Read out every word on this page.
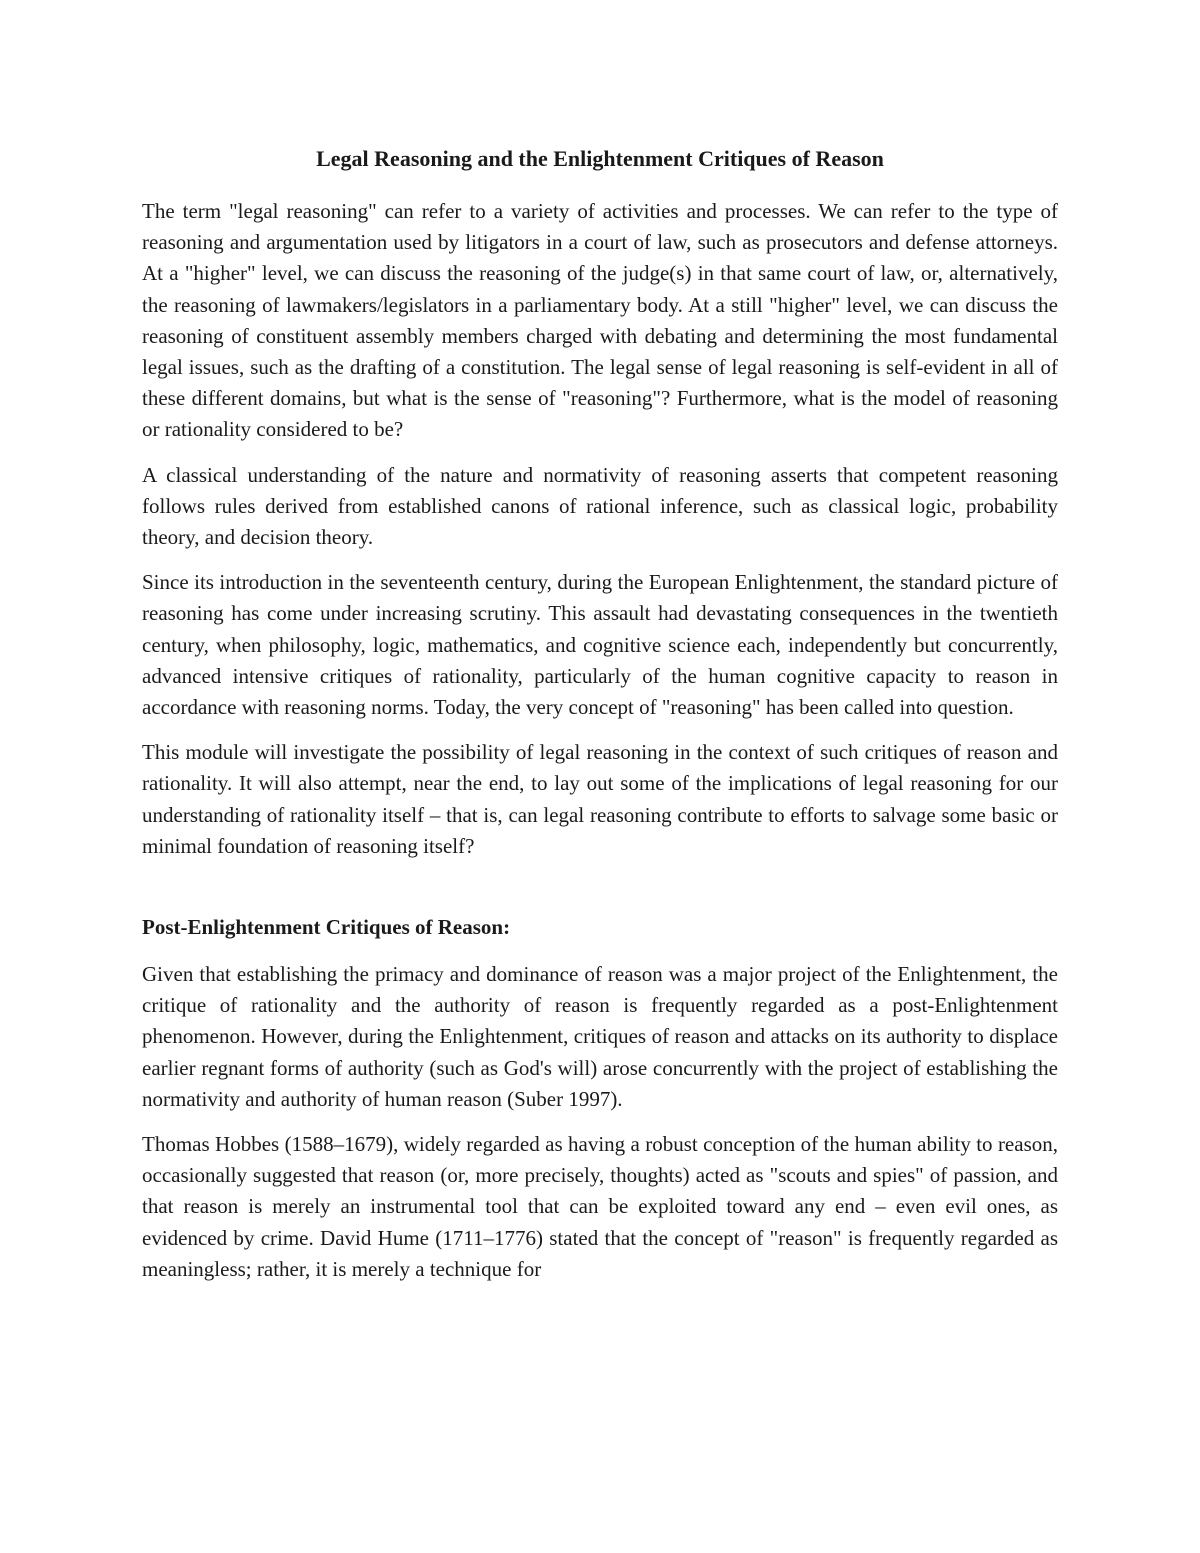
Legal Reasoning and the Enlightenment Critiques of Reason

The term "legal reasoning" can refer to a variety of activities and processes. We can refer to the type of reasoning and argumentation used by litigators in a court of law, such as prosecutors and defense attorneys. At a "higher" level, we can discuss the reasoning of the judge(s) in that same court of law, or, alternatively, the reasoning of lawmakers/legislators in a parliamentary body. At a still "higher" level, we can discuss the reasoning of constituent assembly members charged with debating and determining the most fundamental legal issues, such as the drafting of a constitution. The legal sense of legal reasoning is self-evident in all of these different domains, but what is the sense of "reasoning"? Furthermore, what is the model of reasoning or rationality considered to be?

A classical understanding of the nature and normativity of reasoning asserts that competent reasoning follows rules derived from established canons of rational inference, such as classical logic, probability theory, and decision theory.

Since its introduction in the seventeenth century, during the European Enlightenment, the standard picture of reasoning has come under increasing scrutiny. This assault had devastating consequences in the twentieth century, when philosophy, logic, mathematics, and cognitive science each, independently but concurrently, advanced intensive critiques of rationality, particularly of the human cognitive capacity to reason in accordance with reasoning norms. Today, the very concept of "reasoning" has been called into question.

This module will investigate the possibility of legal reasoning in the context of such critiques of reason and rationality. It will also attempt, near the end, to lay out some of the implications of legal reasoning for our understanding of rationality itself – that is, can legal reasoning contribute to efforts to salvage some basic or minimal foundation of reasoning itself?

Post-Enlightenment Critiques of Reason:

Given that establishing the primacy and dominance of reason was a major project of the Enlightenment, the critique of rationality and the authority of reason is frequently regarded as a post-Enlightenment phenomenon. However, during the Enlightenment, critiques of reason and attacks on its authority to displace earlier regnant forms of authority (such as God's will) arose concurrently with the project of establishing the normativity and authority of human reason (Suber 1997).

Thomas Hobbes (1588–1679), widely regarded as having a robust conception of the human ability to reason, occasionally suggested that reason (or, more precisely, thoughts) acted as "scouts and spies" of passion, and that reason is merely an instrumental tool that can be exploited toward any end – even evil ones, as evidenced by crime. David Hume (1711–1776) stated that the concept of "reason" is frequently regarded as meaningless; rather, it is merely a technique for
